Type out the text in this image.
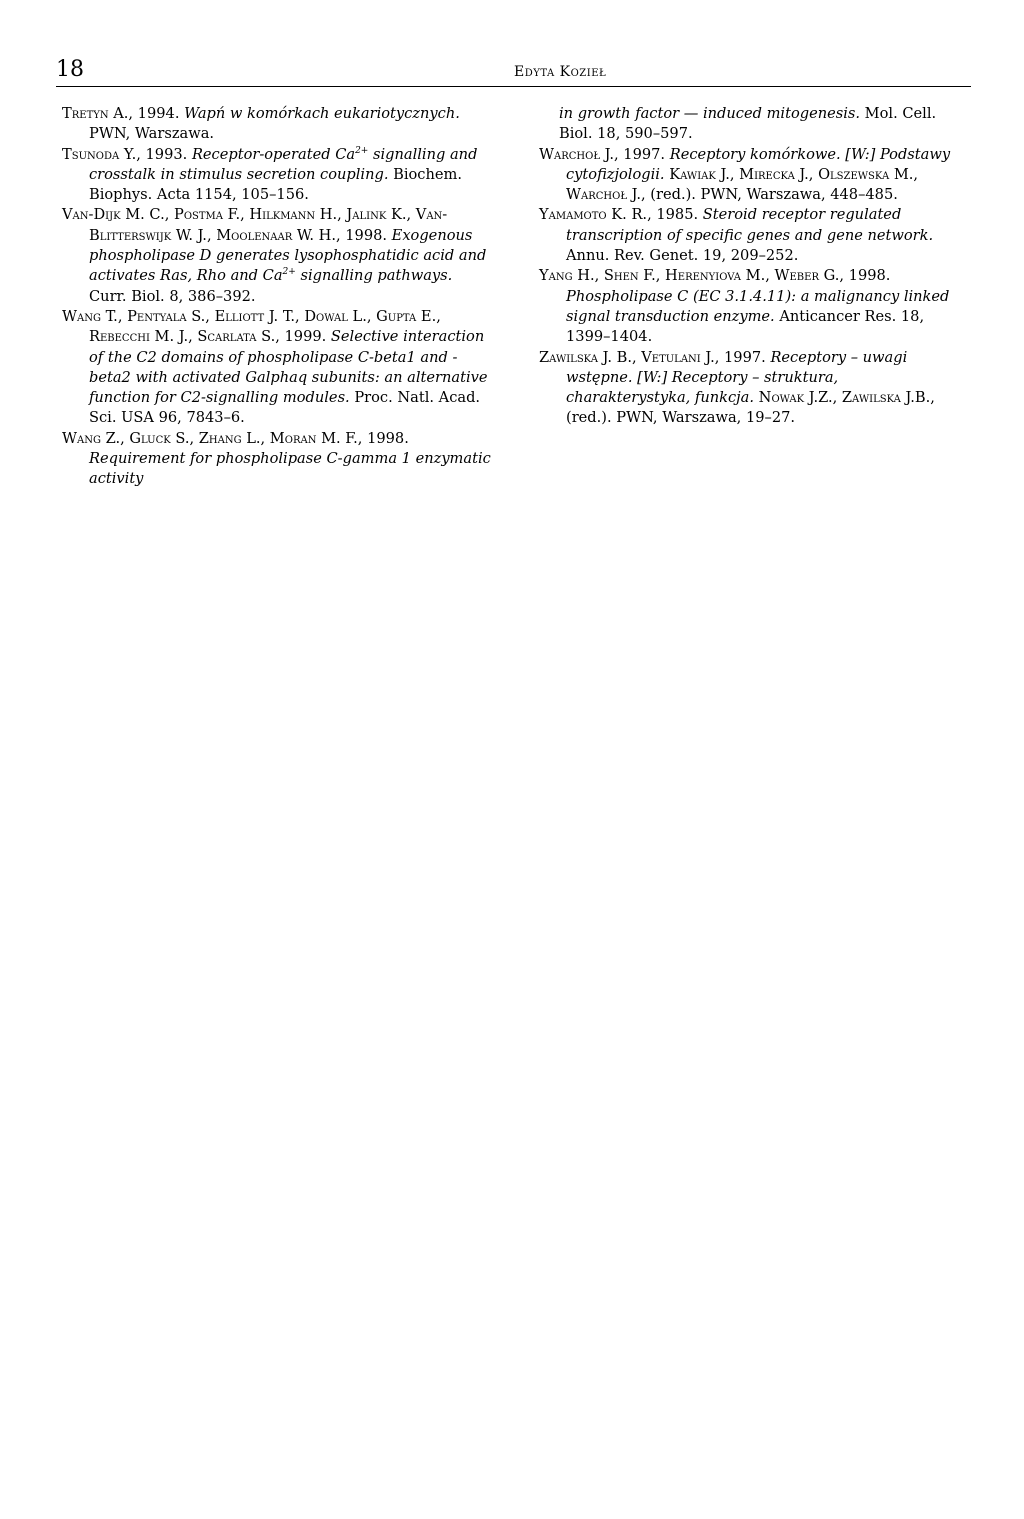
18	Edyta Kozieł

Tretyn A., 1994. Wapń w komórkach eukariotycznych. PWN, Warszawa.

Tsunoda Y., 1993. Receptor-operated $Ca^{2+}$ signalling and crosstalk in stimulus secretion coupling. Biochem. Biophys. Acta 1154, 105–156.

Van-Dijk M. C., Postma F., Hilkmann H., Jalink K., Van-Blitterswijk W. J., Moolenaar W. H., 1998. Exogenous phospholipase D generates lysophosphatidic acid and activates Ras, Rho and $Ca^{2+}$ signalling pathways. Curr. Biol. 8, 386–392.

Wang T., Pentyala S., Elliott J. T., Dowal L., Gupta E., Rebecchi M. J., Scarlata S., 1999. Selective interaction of the C2 domains of phospholipase C-beta1 and -beta2 with activated Galphaq subunits: an alternative function for C2-signalling modules. Proc. Natl. Acad. Sci. USA 96, 7843–6.

Wang Z., Gluck S., Zhang L., Moran M. F., 1998. Requirement for phospholipase C-gamma 1 enzymatic activity

in growth factor — induced mitogenesis. Mol. Cell. Biol. 18, 590–597.

Warchoł J., 1997. Receptory komórkowe. [W:] Podstawy cytofizjologii. Kawiak J., Mirecka J., Olszewska M., Warchoł J., (red.). PWN, Warszawa, 448–485.

Yamamoto K. R., 1985. Steroid receptor regulated transcription of specific genes and gene network. Annu. Rev. Genet. 19, 209–252.

Yang H., Shen F., Herenyiova M., Weber G., 1998. Phospholipase C (EC 3.1.4.11): a malignancy linked signal transduction enzyme. Anticancer Res. 18, 1399–1404.

Zawilska J. B., Vetulani J., 1997. Receptory – uwagi wstępne. [W:] Receptory – struktura, charakterystyka, funkcja. Nowak J.Z., Zawilska J.B., (red.). PWN, Warszawa, 19–27.
